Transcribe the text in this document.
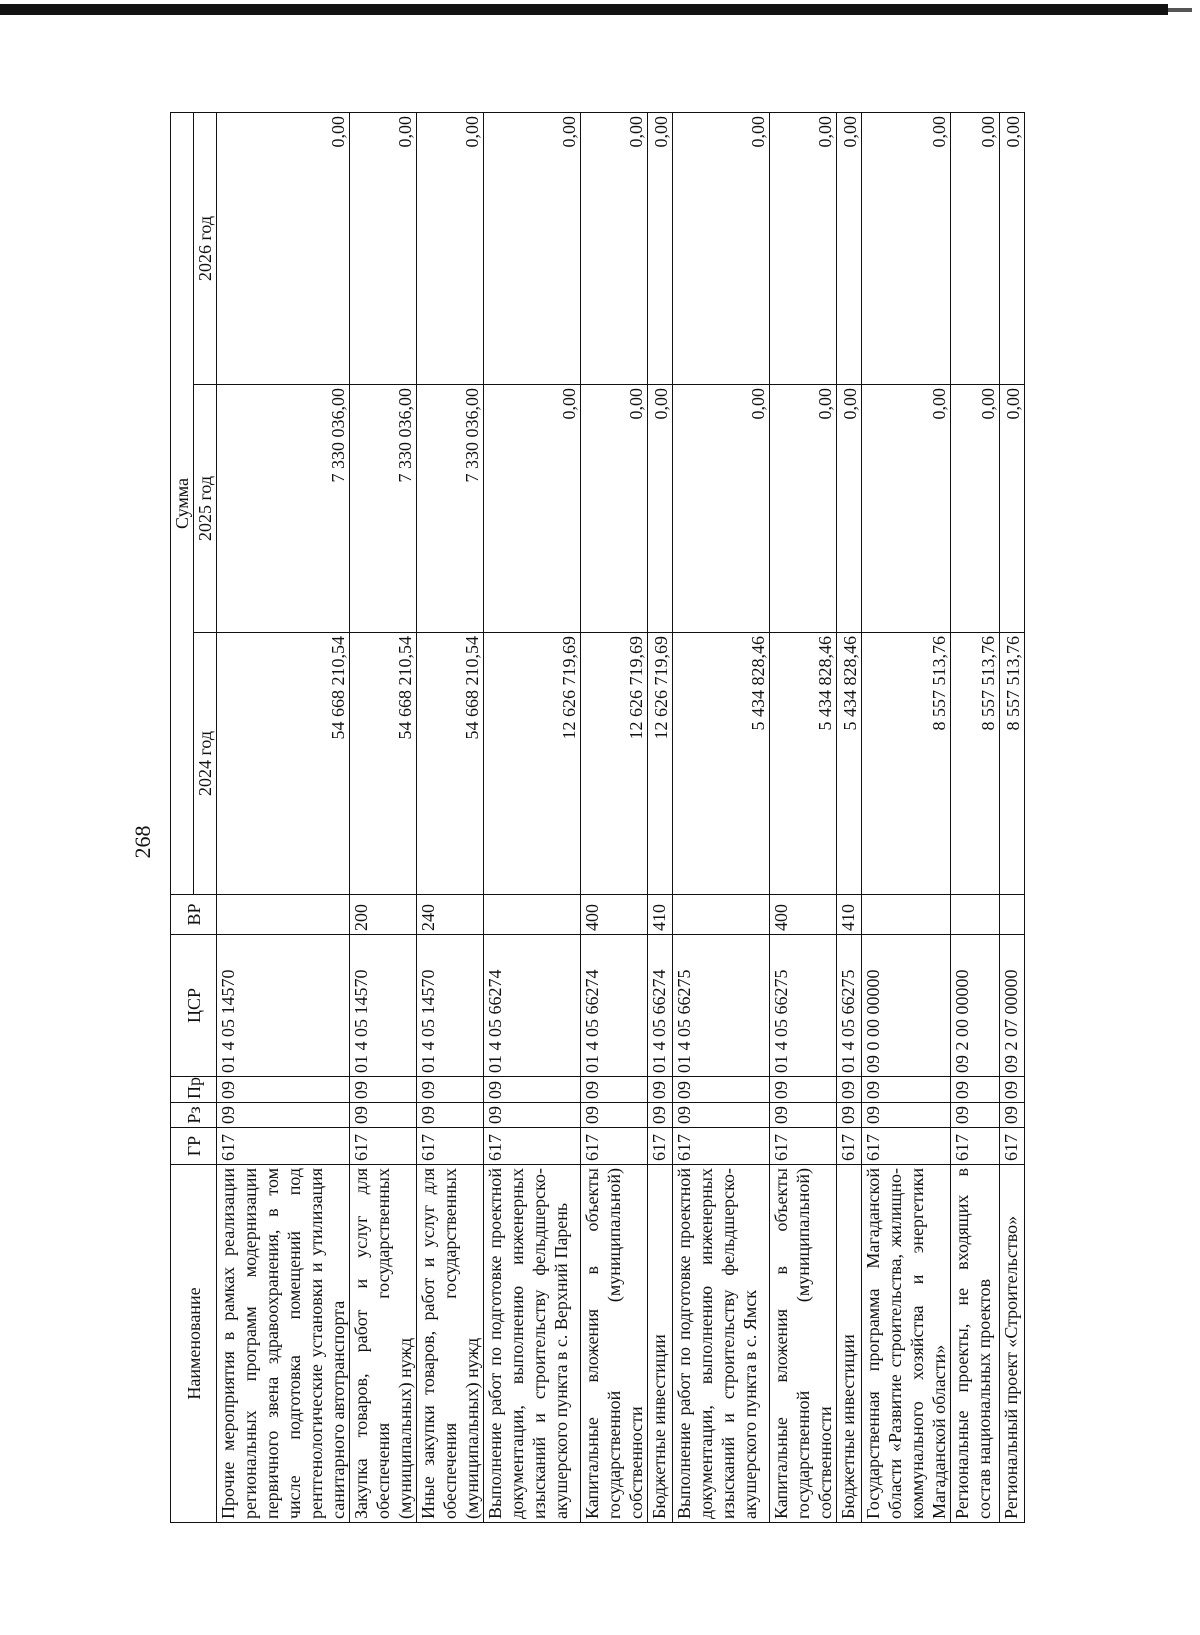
268
Наименование	ГР	Рз	Пр	ЦСР	ВР	Сумма		
						2024 год	2025 год	2026 год
Прочие мероприятия в рамках реализации региональных программ модернизации первичного звена здравоохранения, в том числе подготовка помещений под рентгенологические установки и утилизация санитарного автотранспорта	617	09	09	01 4 05 14570		54 668 210,54	7 330 036,00	0,00
Закупка товаров, работ и услуг для обеспечения государственных (муниципальных) нужд	617	09	09	01 4 05 14570	200	54 668 210,54	7 330 036,00	0,00
Иные закупки товаров, работ и услуг для обеспечения государственных (муниципальных) нужд	617	09	09	01 4 05 14570	240	54 668 210,54	7 330 036,00	0,00
Выполнение работ по подготовке проектной документации, выполнению инженерных изысканий и строительству фельдшерско-акушерского пункта в с. Верхний Парень	617	09	09	01 4 05 66274		12 626 719,69	0,00	0,00
Капитальные вложения в объекты государственной (муниципальной) собственности	617	09	09	01 4 05 66274	400	12 626 719,69	0,00	0,00
Бюджетные инвестиции	617	09	09	01 4 05 66274	410	12 626 719,69	0,00	0,00
Выполнение работ по подготовке проектной документации, выполнению инженерных изысканий и строительству фельдшерско-акушерского пункта в с. Ямск	617	09	09	01 4 05 66275		5 434 828,46	0,00	0,00
Капитальные вложения в объекты государственной (муниципальной) собственности	617	09	09	01 4 05 66275	400	5 434 828,46	0,00	0,00
Бюджетные инвестиции	617	09	09	01 4 05 66275	410	5 434 828,46	0,00	0,00
Государственная программа Магаданской области «Развитие строительства, жилищно-коммунального хозяйства и энергетики Магаданской области»	617	09	09	09 0 00 00000		8 557 513,76	0,00	0,00
Региональные проекты, не входящих в состав национальных проектов	617	09	09	09 2 00 00000		8 557 513,76	0,00	0,00
Региональный проект «Строительство»	617	09	09	09 2 07 00000		8 557 513,76	0,00	0,00
